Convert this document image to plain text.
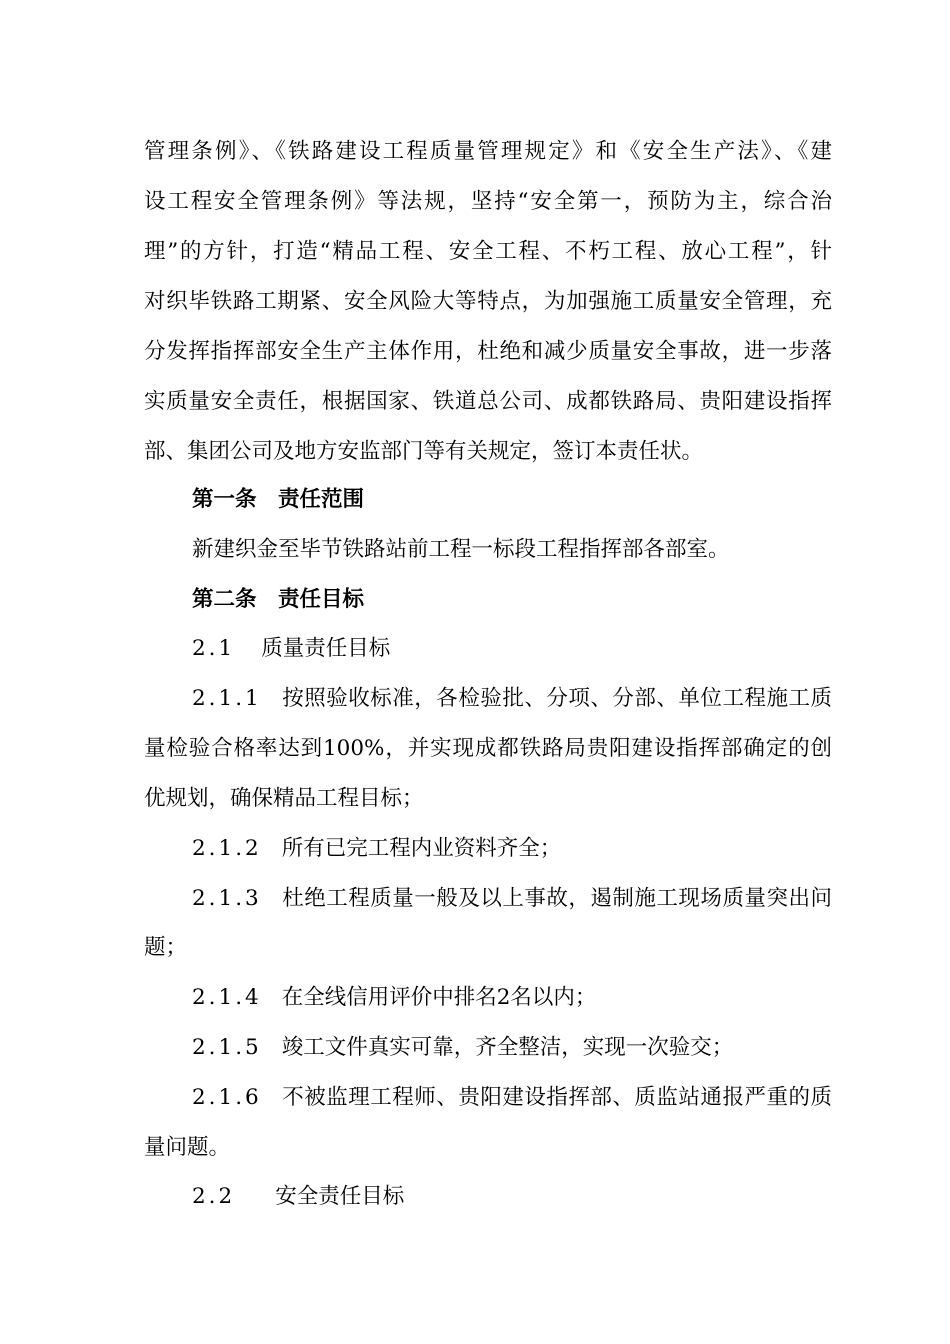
管理条例》、《铁路建设工程质量管理规定》和《安全生产法》、《建
设工程安全管理条例》等法规，坚持“安全第一，预防为主，综合治
理”的方针，打造“精品工程、安全工程、不朽工程、放心工程”，针
对织毕铁路工期紧、安全风险大等特点，为加强施工质量安全管理，充
分发挥指挥部安全生产主体作用，杜绝和减少质量安全事故，进一步落
实质量安全责任，根据国家、铁道总公司、成都铁路局、贵阳建设指挥
部、集团公司及地方安监部门等有关规定，签订本责任状。
第一条　责任范围
新建织金至毕节铁路站前工程一标段工程指挥部各部室。
第二条　责任目标
2.1 质量责任目标
2.1.1 按照验收标准，各检验批、分项、分部、单位工程施工质
量检验合格率达到100%，并实现成都铁路局贵阳建设指挥部确定的创
优规划，确保精品工程目标；
2.1.2 所有已完工程内业资料齐全；
2.1.3 杜绝工程质量一般及以上事故，遏制施工现场质量突出问
题；
2.1.4 在全线信用评价中排名2名以内；
2.1.5 竣工文件真实可靠，齐全整洁，实现一次验交；
2.1.6 不被监理工程师、贵阳建设指挥部、质监站通报严重的质
量问题。
2.2 安全责任目标
